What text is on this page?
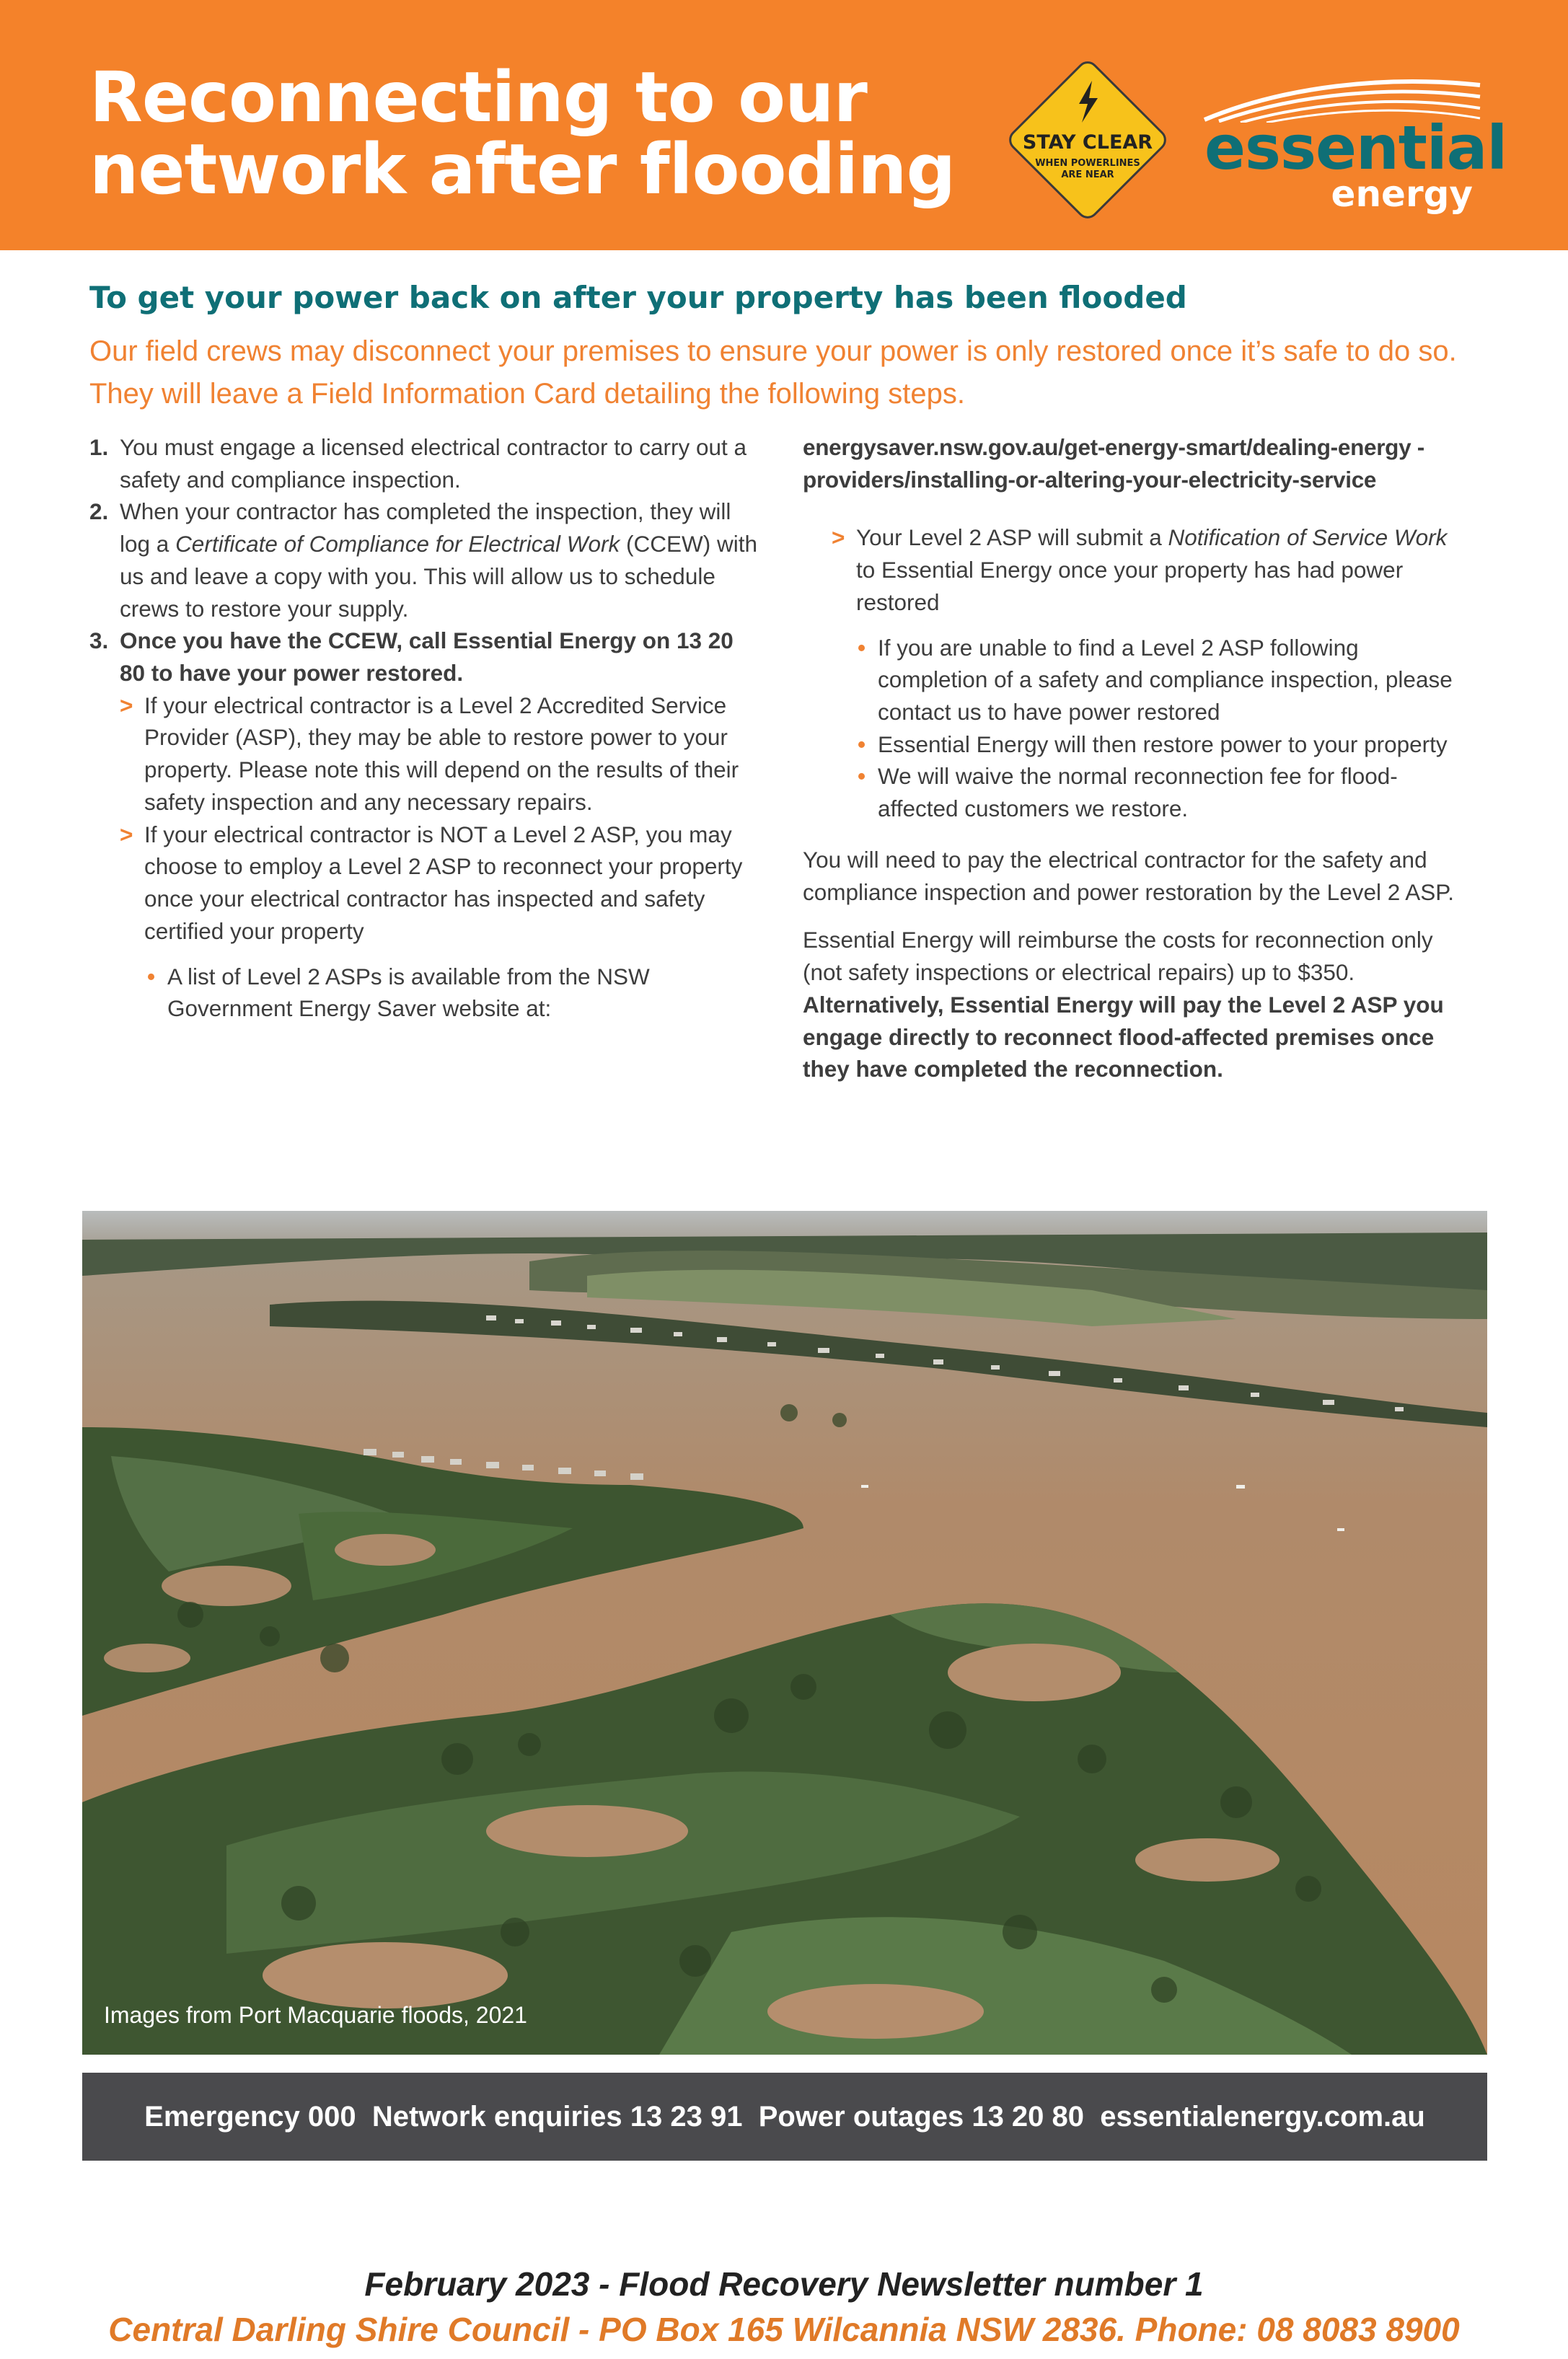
Reconnecting to our
network after flooding	STAY CLEAR
WHEN POWERLINES
ARE NEAR essential
energy
To get your power back on after your property has been flooded

Our field crews may disconnect your premises to ensure your power is only restored once it’s safe to do so. They will leave a Field Information Card detailing the following steps.

1. You must engage a licensed electrical contractor to carry out a safety and compliance inspection.

2. When your contractor has completed the inspection, they will log a Certificate of Compliance for Electrical Work (CCEW) with us and leave a copy with you. This will allow us to schedule crews to restore your supply.

3. Once you have the CCEW, call Essential Energy on 13 20 80 to have your power restored.

> If your electrical contractor is a Level 2 Accredited Service Provider (ASP), they may be able to restore power to your property. Please note this will depend on the results of their safety inspection and any necessary repairs.

> If your electrical contractor is NOT a Level 2 ASP, you may choose to employ a Level 2 ASP to reconnect your property once your electrical contractor has inspected and safety certified your property

• A list of Level 2 ASPs is available from the NSW Government Energy Saver website at:

energysaver.nsw.gov.au/get-energy-smart/dealing-energy -providers/installing-or-altering-your-electricity-service

> Your Level 2 ASP will submit a Notification of Service Work to Essential Energy once your property has had power restored

• If you are unable to find a Level 2 ASP following completion of a safety and compliance inspection, please contact us to have power restored

• Essential Energy will then restore power to your property

• We will waive the normal reconnection fee for flood-affected customers we restore.

You will need to pay the electrical contractor for the safety and compliance inspection and power restoration by the Level 2 ASP.

Essential Energy will reimburse the costs for reconnection only (not safety inspections or electrical repairs) up to $350. Alternatively, Essential Energy will pay the Level 2 ASP you engage directly to reconnect flood-affected premises once they have completed the reconnection.

Images from Port Macquarie floods, 2021
Emergency 000  Network enquiries 13 23 91  Power outages 13 20 80  essentialenergy.com.au
February 2023 - Flood Recovery Newsletter number 1
Central Darling Shire Council - PO Box 165 Wilcannia NSW 2836. Phone: 08 8083 8900
